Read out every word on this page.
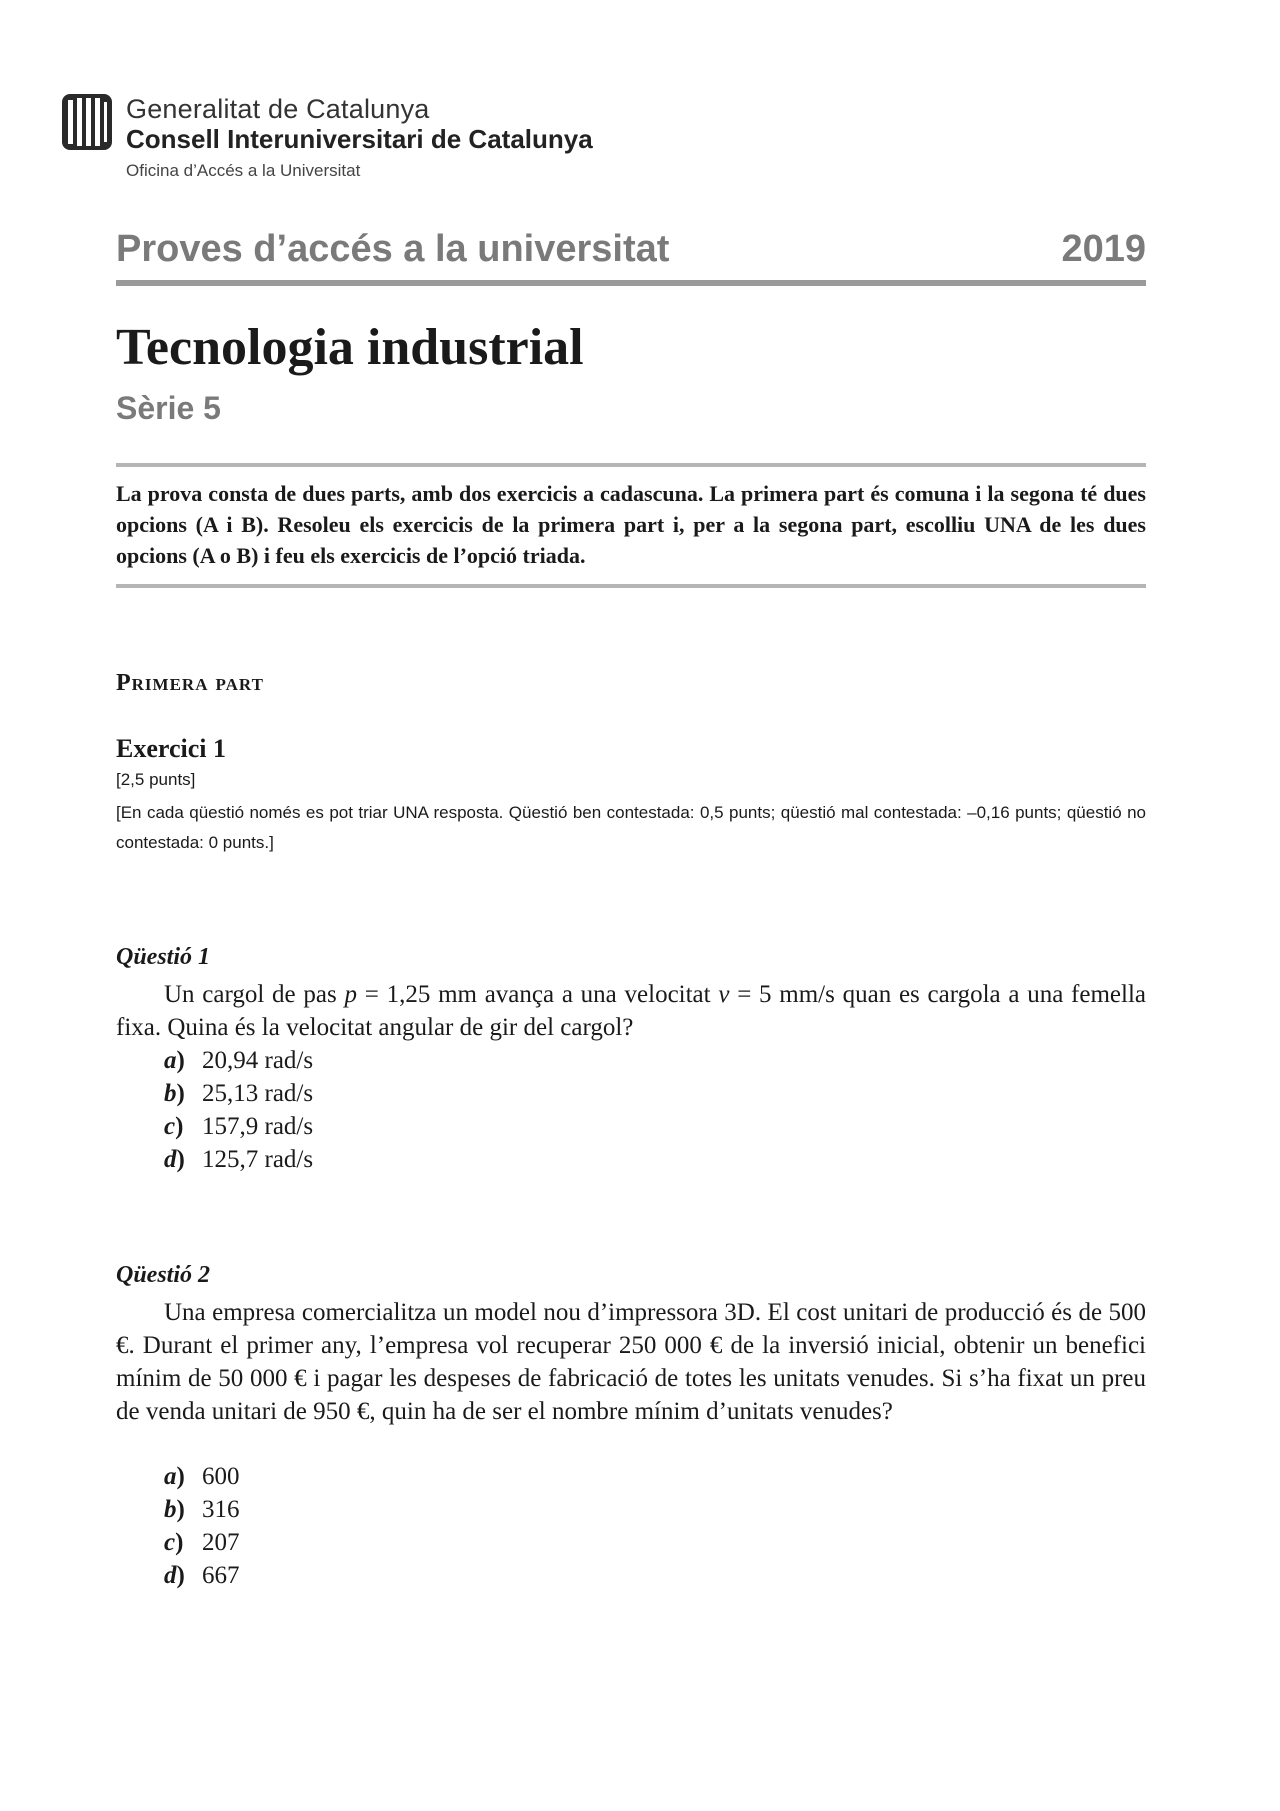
Generalitat de Catalunya
Consell Interuniversitari de Catalunya
Oficina d’Accés a la Universitat
Proves d’accés a la universitat	2019
Tecnologia industrial
Sèrie 5
La prova consta de dues parts, amb dos exercicis a cadascuna. La primera part és comuna i la segona té dues opcions (A i B). Resoleu els exercicis de la primera part i, per a la segona part, escolliu UNA de les dues opcions (A o B) i feu els exercicis de l’opció triada.
Primera part
Exercici 1
[2,5 punts]
[En cada qüestió només es pot triar UNA resposta. Qüestió ben contestada: 0,5 punts; qüestió mal contestada: –0,16 punts; qüestió no contestada: 0 punts.]
Qüestió 1
Un cargol de pas p = 1,25 mm avança a una velocitat v = 5 mm/s quan es cargola a una femella fixa. Quina és la velocitat angular de gir del cargol?
a) 20,94 rad/s
b) 25,13 rad/s
c) 157,9 rad/s
d) 125,7 rad/s
Qüestió 2
Una empresa comercialitza un model nou d’impressora 3D. El cost unitari de producció és de 500 €. Durant el primer any, l’empresa vol recuperar 250 000 € de la inversió inicial, obtenir un benefici mínim de 50 000 € i pagar les despeses de fabricació de totes les unitats venudes. Si s’ha fixat un preu de venda unitari de 950 €, quin ha de ser el nombre mínim d’unitats venudes?
a) 600
b) 316
c) 207
d) 667
